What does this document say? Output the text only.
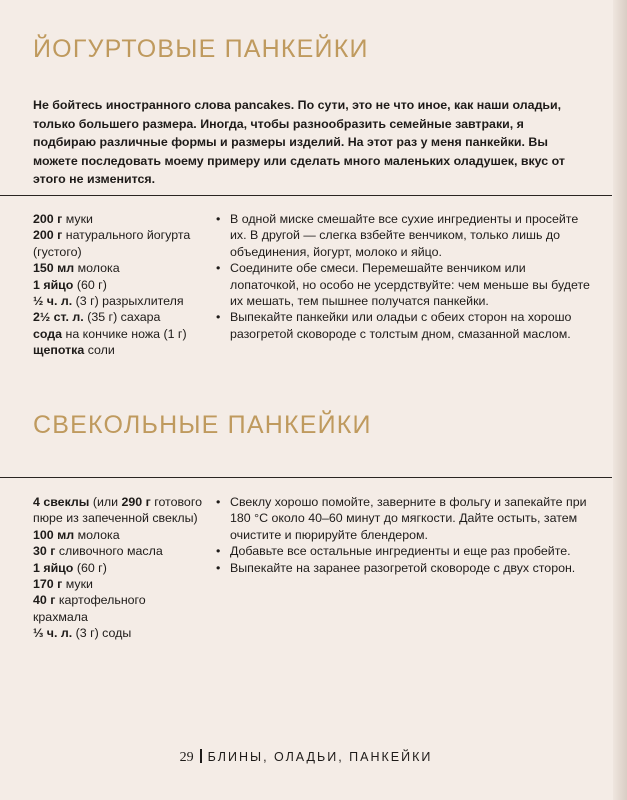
ЙОГУРТОВЫЕ ПАНКЕЙКИ

Не бойтесь иностранного слова pancakes. По сути, это не что иное, как наши оладьи, только большего размера. Иногда, чтобы разнообразить семейные завтраки, я подбираю различные формы и размеры изделий. На этот раз у меня панкейки. Вы можете последовать моему примеру или сделать много маленьких оладушек, вкус от этого не изменится.

200 г муки
200 г натурального йогурта (густого)
150 мл молока
1 яйцо (60 г)
½ ч. л. (3 г) разрыхлителя
2½ ст. л. (35 г) сахара
сода на кончике ножа (1 г)
щепотка соли
• В одной миске смешайте все сухие ингредиенты и просейте их. В другой — слегка взбейте венчиком, только лишь до объединения, йогурт, молоко и яйцо.
• Соедините обе смеси. Перемешайте венчиком или лопаточкой, но особо не усердствуйте: чем меньше вы будете их мешать, тем пышнее получатся панкейки.
• Выпекайте панкейки или оладьи с обеих сторон на хорошо разогретой сковороде с толстым дном, смазанной маслом.
СВЕКОЛЬНЫЕ ПАНКЕЙКИ
4 свеклы (или 290 г готового пюре из запеченной свеклы)
100 мл молока
30 г сливочного масла
1 яйцо (60 г)
170 г муки
40 г картофельного крахмала
⅓ ч. л. (3 г) соды
• Свеклу хорошо помойте, заверните в фольгу и запекайте при 180 °С около 40–60 минут до мягкости. Дайте остыть, затем очистите и пюрируйте блендером.
• Добавьте все остальные ингредиенты и еще раз пробейте.
• Выпекайте на заранее разогретой сковороде с двух сторон.
29 БЛИНЫ, ОЛАДЬИ, ПАНКЕЙКИ
